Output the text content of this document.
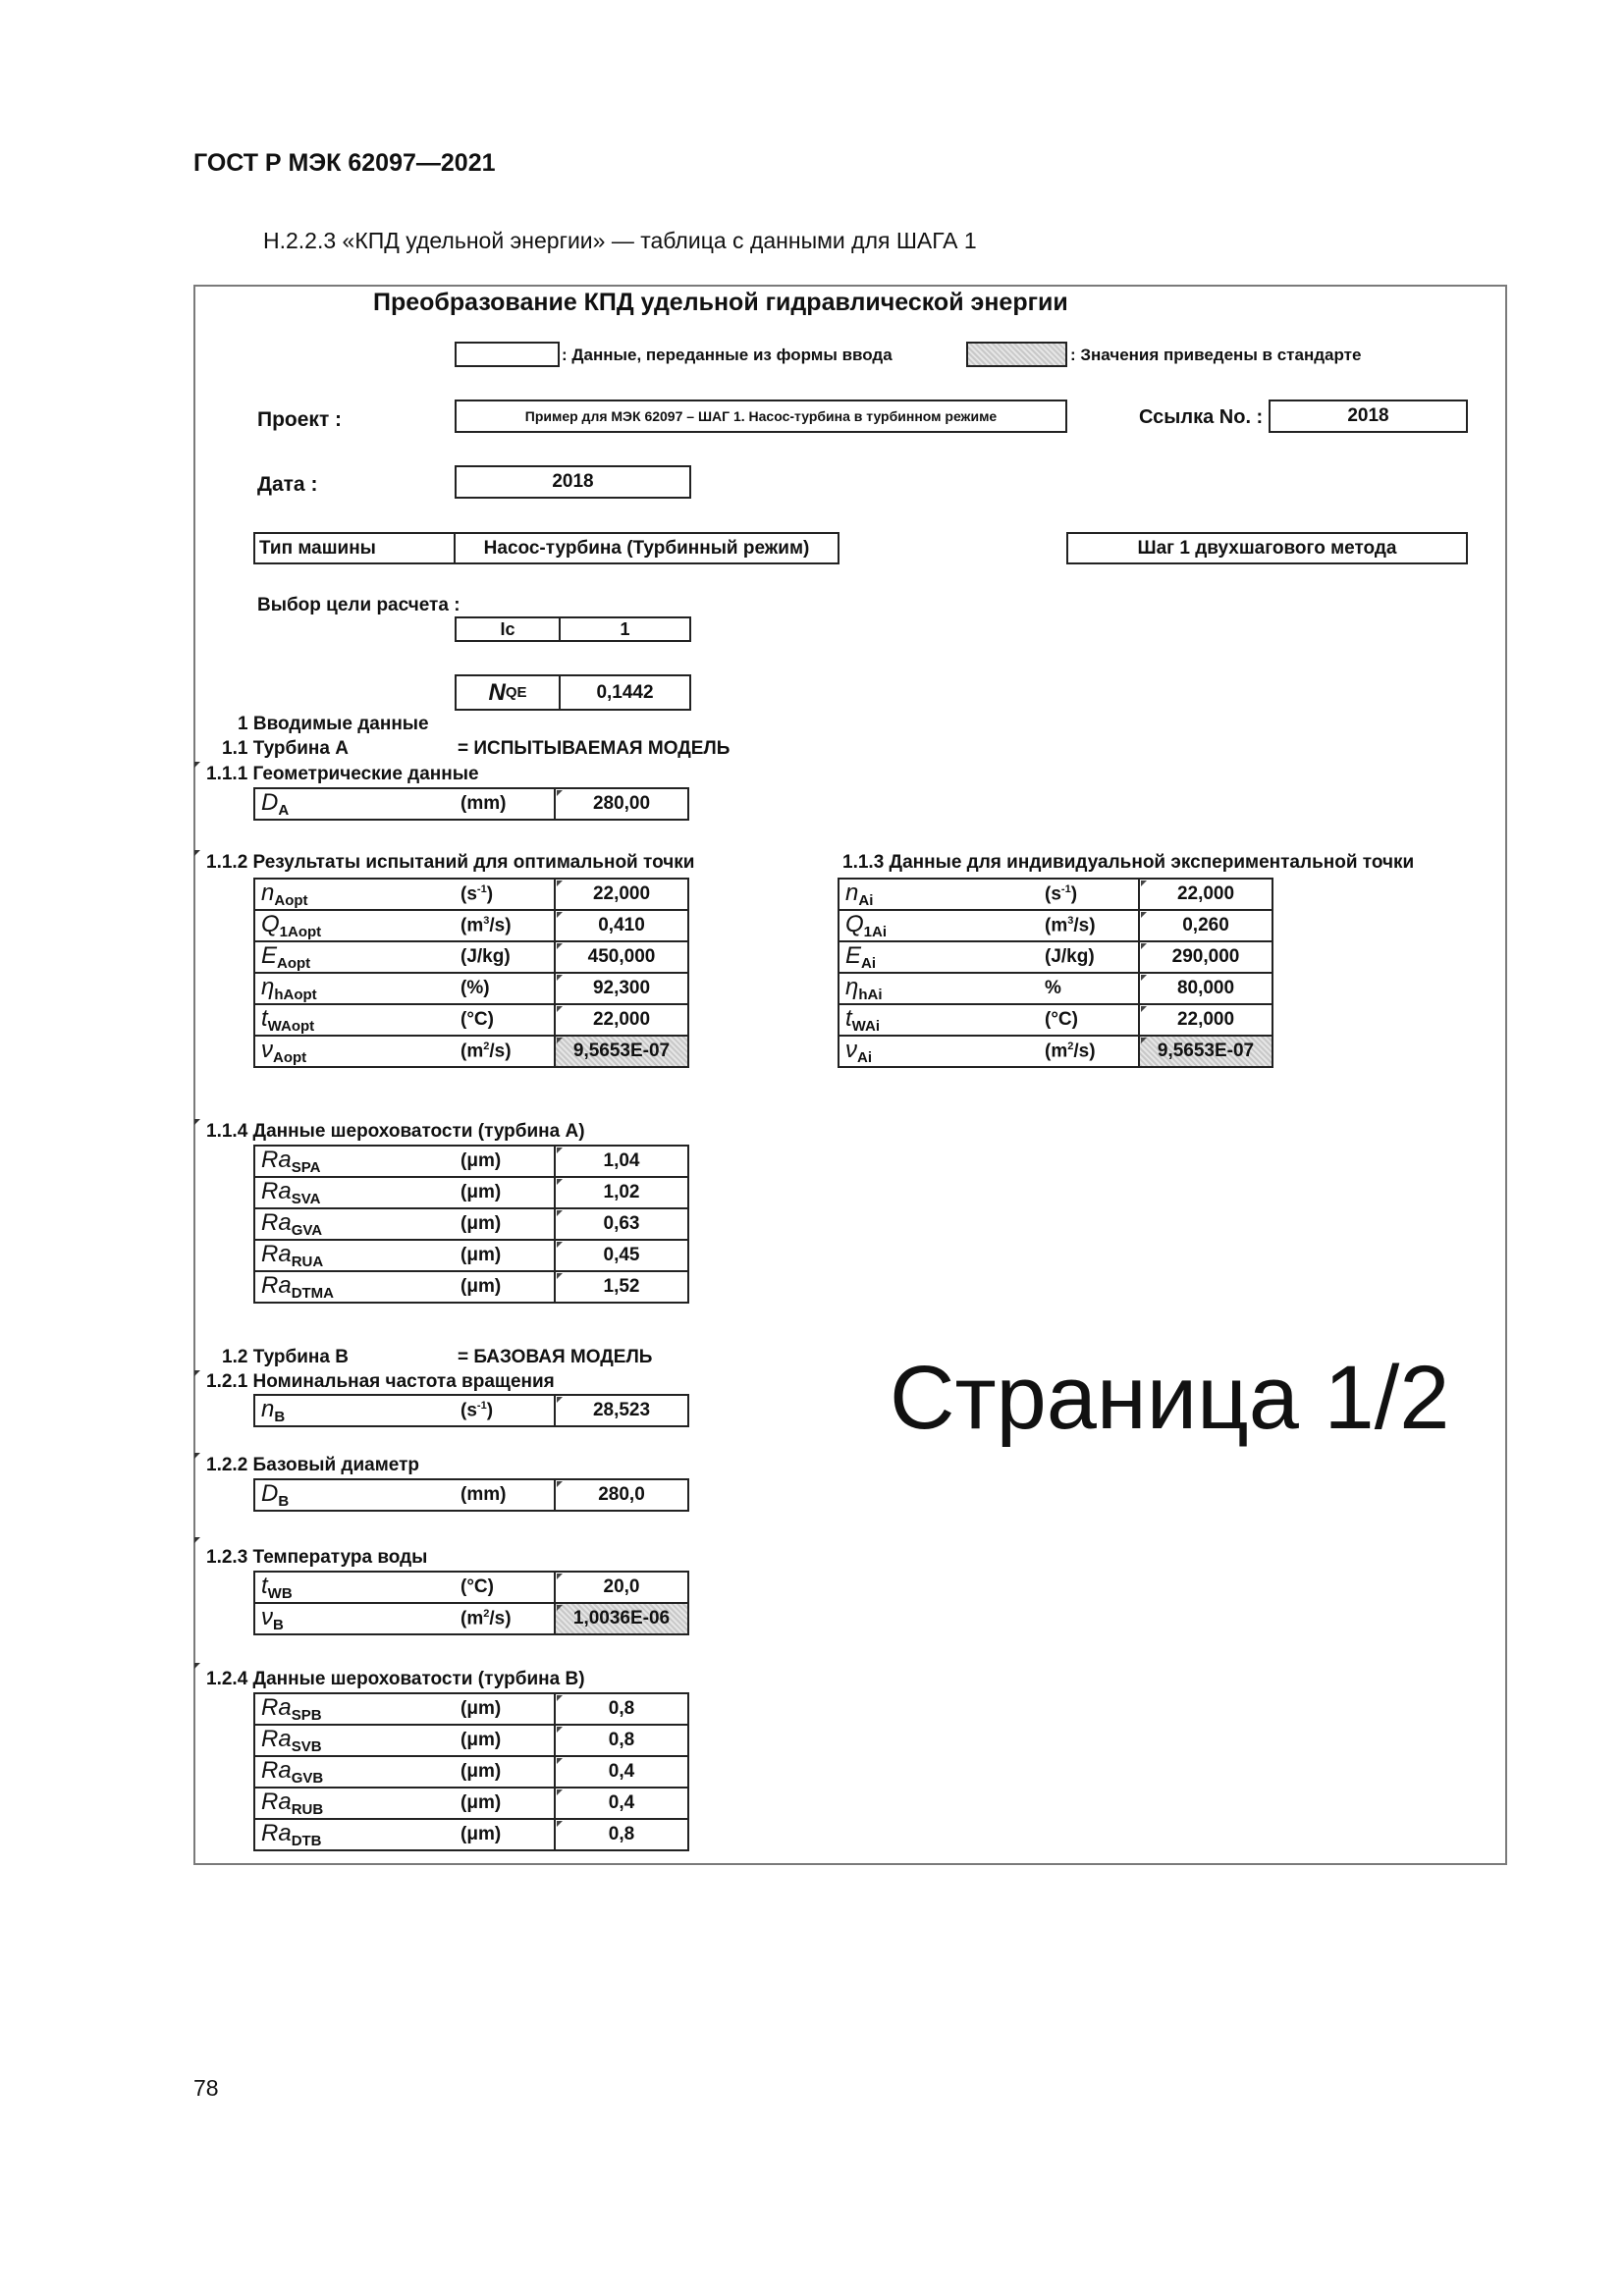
ГОСТ Р МЭК 62097—2021
Н.2.2.3 «КПД удельной энергии» — таблица с данными для ШАГА 1
Преобразование КПД удельной гидравлической энергии
: Данные, переданные из формы ввода	: Значения приведены в стандарте
Проект :	Пример для МЭК 62097 – ШАГ 1. Насос-турбина в турбинном режиме	Ссылка No. :	2018
Дата :	2018
Тип машины	Насос-турбина (Турбинный режим)	Шаг 1 двухшагового метода
Выбор цели расчета :
Ic	1
N QE	0,1442
1 Вводимые данные
1.1 Турбина А	= ИСПЫТЫВАЕМАЯ МОДЕЛЬ
1.1.1 Геометрические данные
$D_A$	(mm)	280,00
1.1.2 Результаты испытаний для оптимальной точки	1.1.3 Данные для индивидуальной экспериментальной точки
$n_{Aopt}$	$(s^{-1})$	22,000
$Q_{1Aopt}$	$(m^3/s)$	0,410
$E_{Aopt}$	(J/kg)	450,000
$\eta_{hAopt}$	(%)	92,300
$t_{WAopt}$	(°C)	22,000
$\nu_{Aopt}$	$(m^2/s)$	9,5653E-07
$n_{Ai}$	$(s^{-1})$	22,000
$Q_{1Ai}$	$(m^3/s)$	0,260
$E_{Ai}$	(J/kg)	290,000
$\eta_{hAi}$	%	80,000
$t_{WAi}$	(°C)	22,000
$\nu_{Ai}$	$(m^2/s)$	9,5653E-07
1.1.4 Данные шероховатости (турбина А)
$Ra_{SPA}$	(μm)	1,04
$Ra_{SVA}$	(μm)	1,02
$Ra_{GVA}$	(μm)	0,63
$Ra_{RUA}$	(μm)	0,45
$Ra_{DTMA}$	(μm)	1,52
1.2 Турбина В	= БАЗОВАЯ МОДЕЛЬ
1.2.1 Номинальная частота вращения
$n_B$	$(s^{-1})$	28,523	Страница 1/2
1.2.2 Базовый диаметр
$D_B$	(mm)	280,0
1.2.3 Температура воды
$t_{WB}$	(°C)	20,0
$\nu_B$	$(m^2/s)$	1,0036E-06
1.2.4 Данные шероховатости (турбина В)
$Ra_{SPB}$	(μm)	0,8
$Ra_{SVB}$	(μm)	0,8
$Ra_{GVB}$	(μm)	0,4
$Ra_{RUB}$	(μm)	0,4
$Ra_{DTB}$	(μm)	0,8
78
